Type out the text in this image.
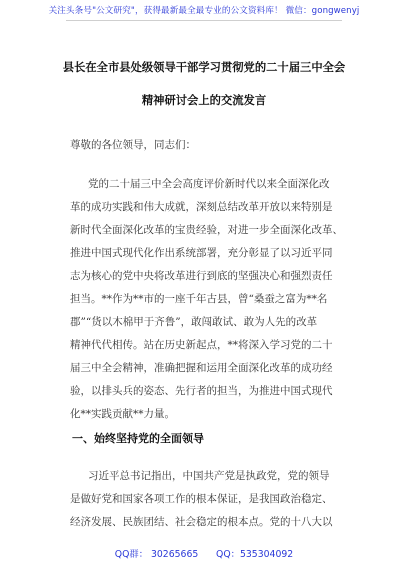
关注头条号"公文研究"，获得最新最全最专业的公文资料库！ 微信：gongwenyj
县长在全市县处级领导干部学习贯彻党的二十届三中全会
精神研讨会上的交流发言
尊敬的各位领导，同志们：
党的二十届三中全会高度评价新时代以来全面深化改
革的成功实践和伟大成就，深刻总结改革开放以来特别是
新时代全面深化改革的宝贵经验，对进一步全面深化改革、
推进中国式现代化作出系统部署，充分彰显了以习近平同
志为核心的党中央将改革进行到底的坚强决心和强烈责任
担当。**作为**市的一座千年古县，曾“桑蚕之富为**名
郡”“货以木棉甲于齐鲁”，敢闯敢试、敢为人先的改革
精神代代相传。站在历史新起点，**将深入学习党的二十
届三中全会精神，准确把握和运用全面深化改革的成功经
验，以排头兵的姿态、先行者的担当，为推进中国式现代
化**实践贡献**力量。
一、始终坚持党的全面领导
习近平总书记指出，中国共产党是执政党，党的领导
是做好党和国家各项工作的根本保证，是我国政治稳定、
经济发展、民族团结、社会稳定的根本点。党的十八大以
QQ群： 30265665      QQ：535304092
